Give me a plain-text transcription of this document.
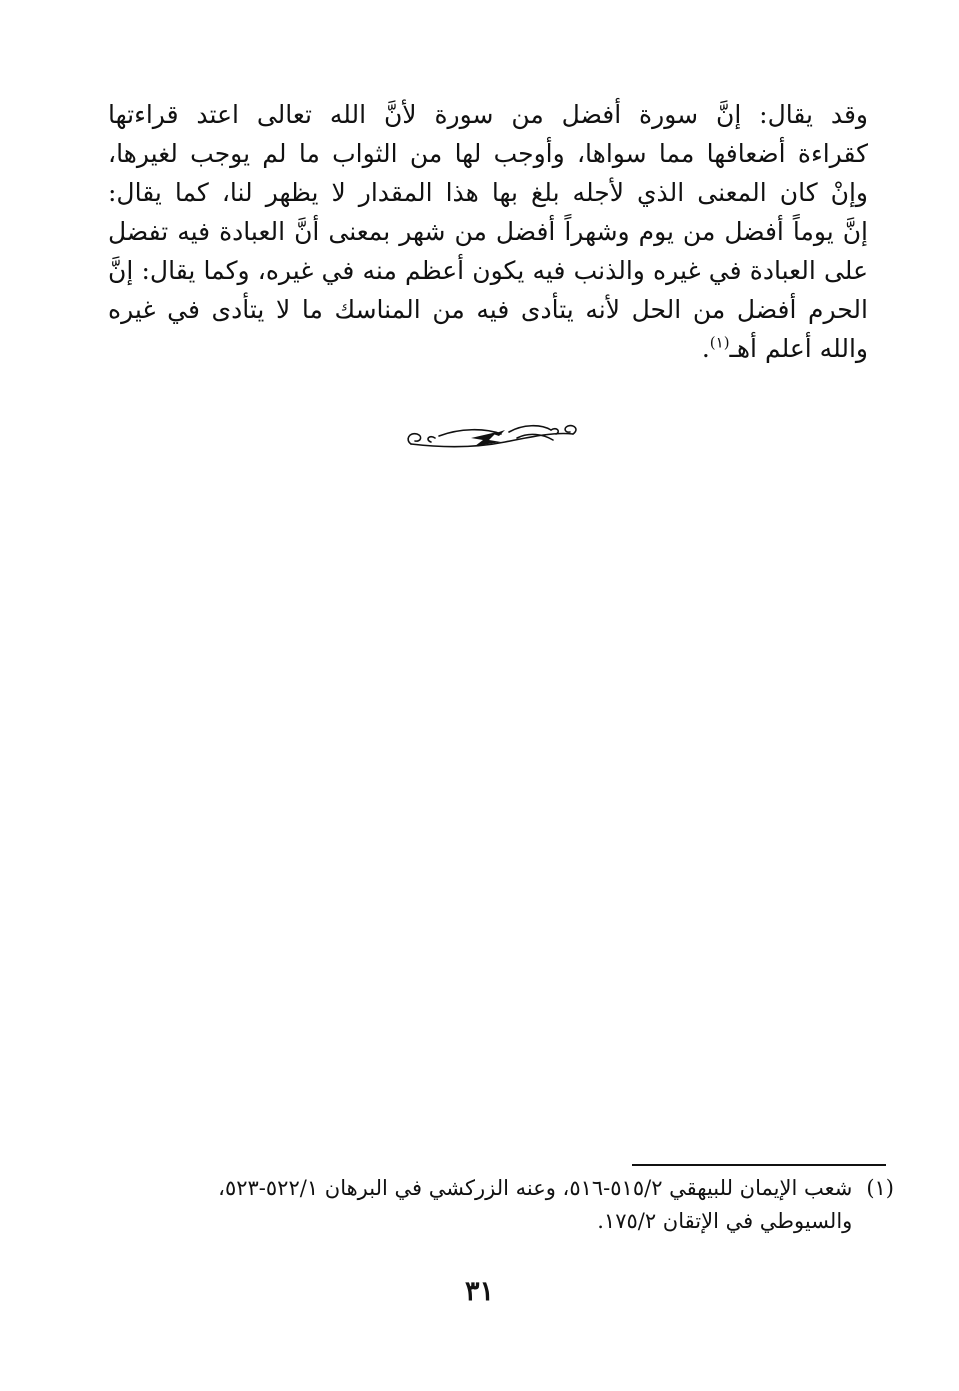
وقد يقال: إنَّ سورة أفضل من سورة لأنَّ الله تعالى اعتد قراءتها
كقراءة أضعافها مما سواها، وأوجب لها من الثواب ما لم يوجب لغيرها،
وإنْ كان المعنى الذي لأجله بلغ بها هذا المقدار لا يظهر لنا، كما يقال:
إنَّ يوماً أفضل من يوم وشهراً أفضل من شهر بمعنى أنَّ العبادة فيه تفضل
على العبادة في غيره والذنب فيه يكون أعظم منه في غيره، وكما يقال: إنَّ
الحرم أفضل من الحل لأنه يتأدى فيه من المناسك ما لا يتأدى في غيره
والله أعلم أهـ$^{(١)}$.
(١)
شعب الإيمان للبيهقي ٥١٥/٢-٥١٦، وعنه الزركشي في البرهان ٥٢٢/١-٥٢٣،
والسيوطي في الإتقان ١٧٥/٢.
٣١
